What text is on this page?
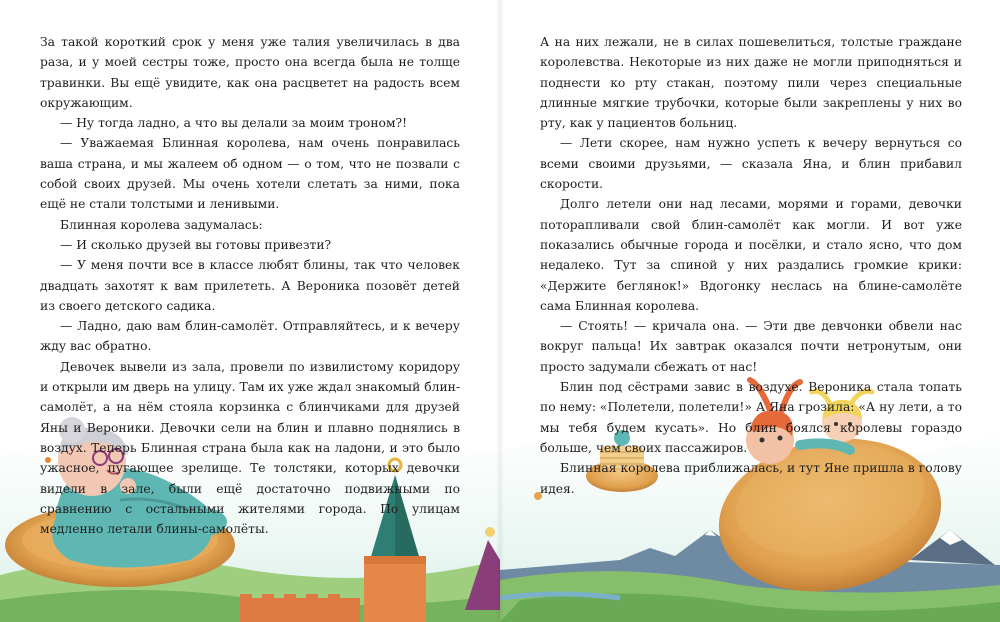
За такой короткий срок у меня уже талия увеличилась в два раза, и у моей сестры тоже, просто она всегда была не толще травинки. Вы ещё увидите, как она расцветет на радость всем окружающим.

— Ну тогда ладно, а что вы делали за моим троном?!

— Уважаемая Блинная королева, нам очень понравилась ваша страна, и мы жалеем об одном — о том, что не позвали с собой своих друзей. Мы очень хотели слетать за ними, пока ещё не стали толстыми и ленивыми.

Блинная королева задумалась:

— И сколько друзей вы готовы привезти?

— У меня почти все в классе любят блины, так что человек двадцать захотят к вам прилететь. А Вероника позовёт детей из своего детского садика.

— Ладно, даю вам блин-самолёт. Отправляйтесь, и к вечеру жду вас обратно.

Девочек вывели из зала, провели по извилистому коридору и открыли им дверь на улицу. Там их уже ждал знакомый блин-самолёт, а на нём стояла корзинка с блинчиками для друзей Яны и Вероники. Девочки сели на блин и плавно поднялись в воздух. Теперь Блинная страна была как на ладони, и это было ужасное, пугающее зрелище. Те толстяки, которых девочки видели в зале, были ещё достаточно подвижными по сравнению с остальными жителями города. По улицам медленно летали блины-самолёты.

А на них лежали, не в силах пошевелиться, толстые граждане королевства. Некоторые из них даже не могли приподняться и поднести ко рту стакан, поэтому пили через специальные длинные мягкие трубочки, которые были закреплены у них во рту, как у пациентов больниц.

— Лети скорее, нам нужно успеть к вечеру вернуться со всеми своими друзьями, — сказала Яна, и блин прибавил скорости.

Долго летели они над лесами, морями и горами, девочки поторапливали свой блин-самолёт как могли. И вот уже показались обычные города и посёлки, и стало ясно, что дом недалеко. Тут за спиной у них раздались громкие крики: «Держите беглянок!» Вдогонку неслась на блине-самолёте сама Блинная королева.

— Стоять! — кричала она. — Эти две девчонки обвели нас вокруг пальца! Их завтрак оказался почти нетронутым, они просто задумали сбежать от нас!

Блин под сёстрами завис в воздухе. Вероника стала топать по нему: «Полетели, полетели!» А Яна грозила: «А ну лети, а то мы тебя будем кусать». Но блин боялся королевы гораздо больше, чем своих пассажиров.

Блинная королева приближалась, и тут Яне пришла в голову идея.
